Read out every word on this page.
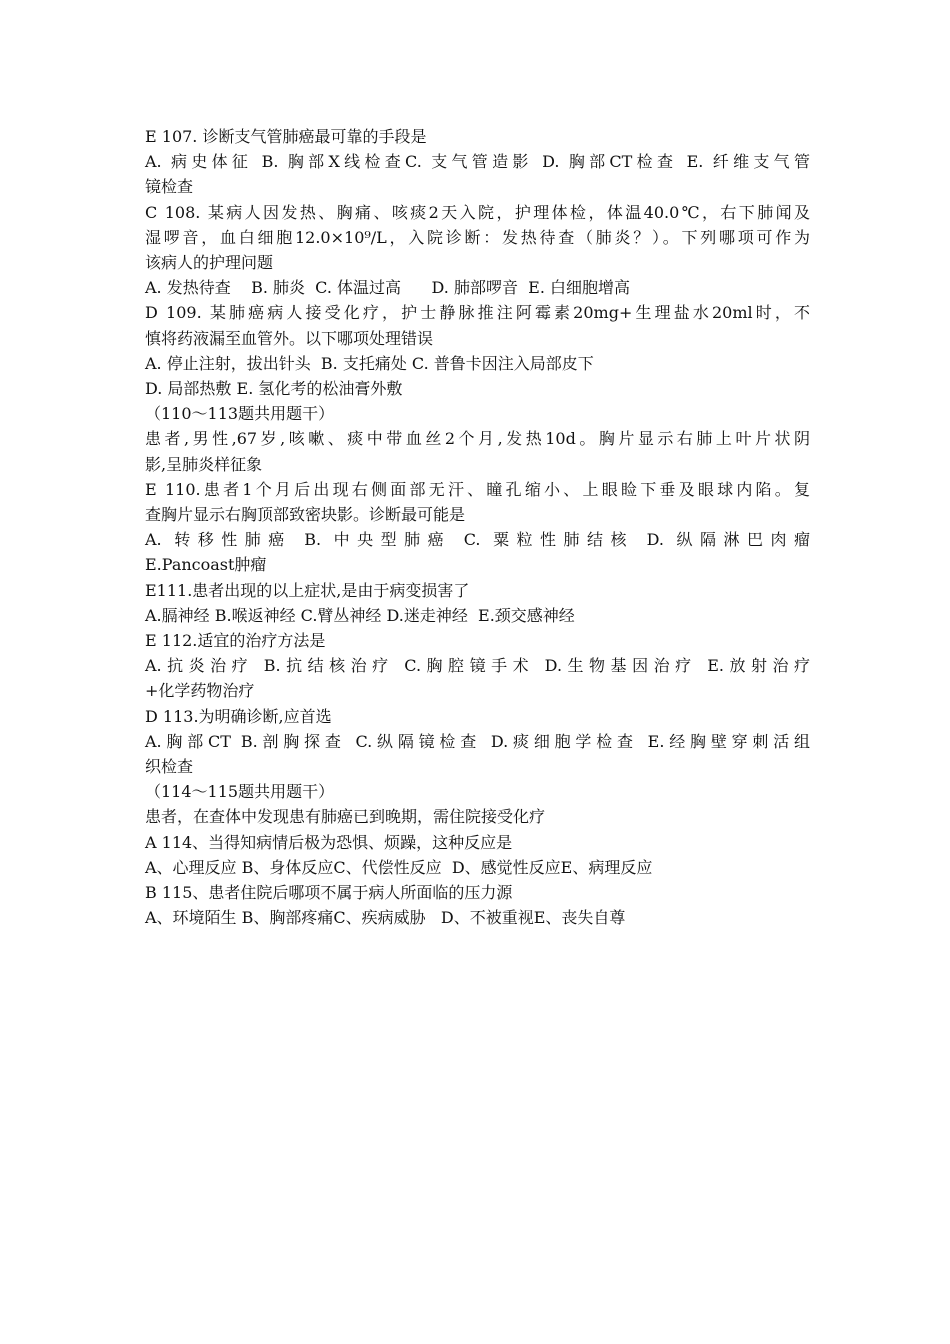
E 107. 诊断支气管肺癌最可靠的手段是

A. 病史体征 B. 胸部X线检查C. 支气管造影 D. 胸部CT检查 E. 纤维支气管

镜检查

C 108. 某病人因发热、胸痛、咳痰2天入院，护理体检，体温40.0℃，右下肺闻及

湿啰音，血白细胞12.0×10⁹/L，入院诊断：发热待查（肺炎？）。下列哪项可作为

该病人的护理问题

A. 发热待查    B. 肺炎  C. 体温过高      D. 肺部啰音  E. 白细胞增高

D 109. 某肺癌病人接受化疗，护士静脉推注阿霉素20mg+生理盐水20ml时，不

慎将药液漏至血管外。以下哪项处理错误

A. 停止注射，拔出针头  B. 支托痛处 C. 普鲁卡因注入局部皮下

D. 局部热敷 E. 氢化考的松油膏外敷

（110～113题共用题干）

患者,男性,67岁,咳嗽、痰中带血丝2个月,发热10d。胸片显示右肺上叶片状阴

影,呈肺炎样征象

E 110.患者1个月后出现右侧面部无汗、瞳孔缩小、上眼睑下垂及眼球内陷。复

查胸片显示右胸顶部致密块影。诊断最可能是

A. 转移性肺癌 B. 中央型肺癌 C. 粟粒性肺结核 D. 纵隔淋巴肉瘤

E.Pancoast肿瘤

E111.患者出现的以上症状,是由于病变损害了

A.膈神经 B.喉返神经 C.臂丛神经 D.迷走神经  E.颈交感神经

E 112.适宜的治疗方法是

A.抗炎治疗 B.抗结核治疗 C.胸腔镜手术 D.生物基因治疗 E.放射治疗

+化学药物治疗

D 113.为明确诊断,应首选

A.胸部CT B.剖胸探查 C.纵隔镜检查 D.痰细胞学检查 E.经胸壁穿刺活组

织检查

（114～115题共用题干）

患者，在查体中发现患有肺癌已到晚期，需住院接受化疗

A 114、当得知病情后极为恐惧、烦躁，这种反应是

A、心理反应 B、身体反应C、代偿性反应  D、感觉性反应E、病理反应

B 115、患者住院后哪项不属于病人所面临的压力源

A、环境陌生 B、胸部疼痛C、疾病威胁   D、不被重视E、丧失自尊
